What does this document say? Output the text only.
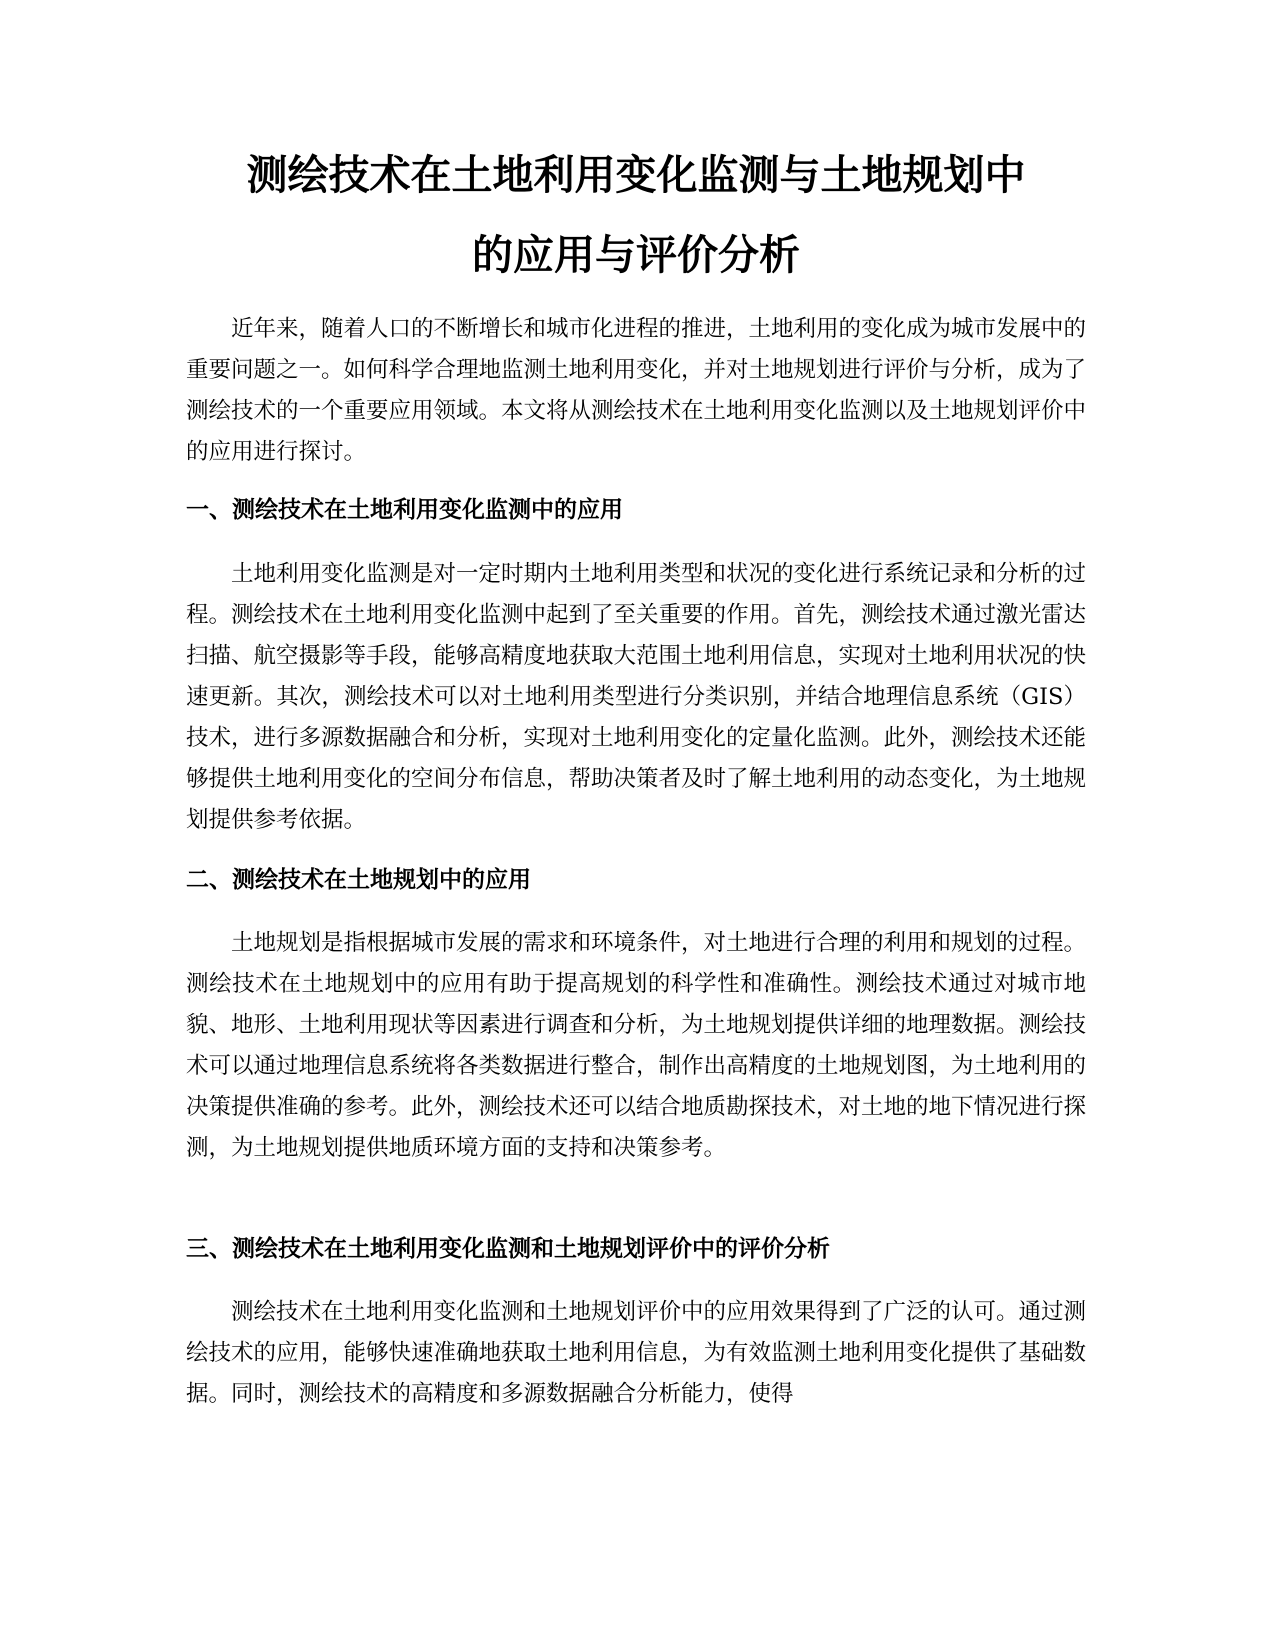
测绘技术在土地利用变化监测与土地规划中
的应用与评价分析

近年来，随着人口的不断增长和城市化进程的推进，土地利用的变化成为城市发展中的重要问题之一。如何科学合理地监测土地利用变化，并对土地规划进行评价与分析，成为了测绘技术的一个重要应用领域。本文将从测绘技术在土地利用变化监测以及土地规划评价中的应用进行探讨。

一、测绘技术在土地利用变化监测中的应用

土地利用变化监测是对一定时期内土地利用类型和状况的变化进行系统记录和分析的过程。测绘技术在土地利用变化监测中起到了至关重要的作用。首先，测绘技术通过激光雷达扫描、航空摄影等手段，能够高精度地获取大范围土地利用信息，实现对土地利用状况的快速更新。其次，测绘技术可以对土地利用类型进行分类识别，并结合地理信息系统（GIS）技术，进行多源数据融合和分析，实现对土地利用变化的定量化监测。此外，测绘技术还能够提供土地利用变化的空间分布信息，帮助决策者及时了解土地利用的动态变化，为土地规划提供参考依据。

二、测绘技术在土地规划中的应用

土地规划是指根据城市发展的需求和环境条件，对土地进行合理的利用和规划的过程。测绘技术在土地规划中的应用有助于提高规划的科学性和准确性。测绘技术通过对城市地貌、地形、土地利用现状等因素进行调查和分析，为土地规划提供详细的地理数据。测绘技术可以通过地理信息系统将各类数据进行整合，制作出高精度的土地规划图，为土地利用的决策提供准确的参考。此外，测绘技术还可以结合地质勘探技术，对土地的地下情况进行探测，为土地规划提供地质环境方面的支持和决策参考。

三、测绘技术在土地利用变化监测和土地规划评价中的评价分析

测绘技术在土地利用变化监测和土地规划评价中的应用效果得到了广泛的认可。通过测绘技术的应用，能够快速准确地获取土地利用信息，为有效监测土地利用变化提供了基础数据。同时，测绘技术的高精度和多源数据融合分析能力，使得
